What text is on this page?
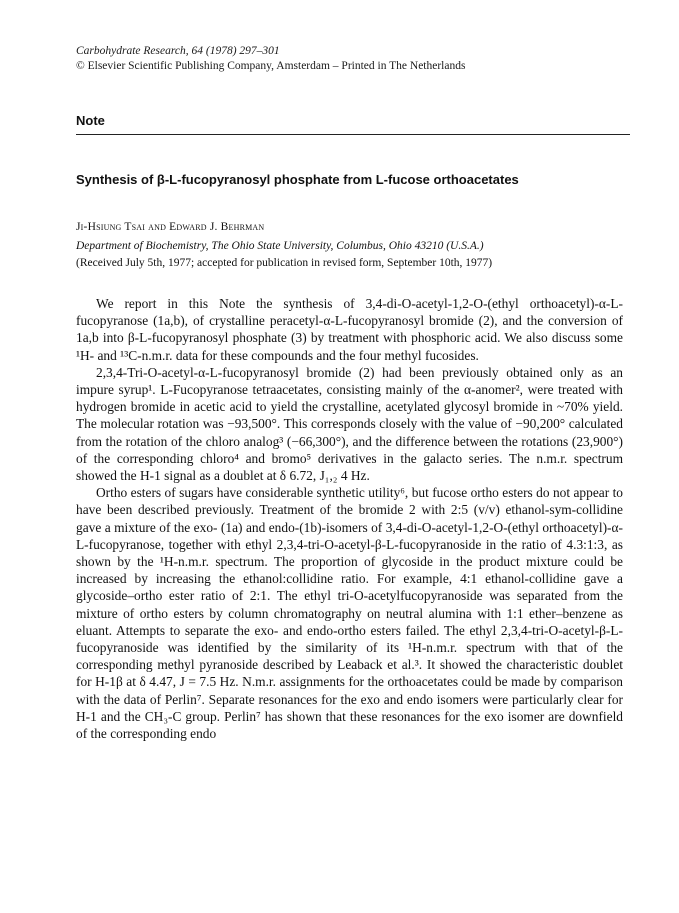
Carbohydrate Research, 64 (1978) 297–301
© Elsevier Scientific Publishing Company, Amsterdam – Printed in The Netherlands
Note
Synthesis of β-L-fucopyranosyl phosphate from L-fucose orthoacetates
Ji-Hsiung Tsai and Edward J. Behrman
Department of Biochemistry, The Ohio State University, Columbus, Ohio 43210 (U.S.A.)
(Received July 5th, 1977; accepted for publication in revised form, September 10th, 1977)

We report in this Note the synthesis of 3,4-di-O-acetyl-1,2-O-(ethyl orthoacetyl)-α-L-fucopyranose (1a,b), of crystalline peracetyl-α-L-fucopyranosyl bromide (2), and the conversion of 1a,b into β-L-fucopyranosyl phosphate (3) by treatment with phosphoric acid. We also discuss some ¹H- and ¹³C-n.m.r. data for these compounds and the four methyl fucosides.

2,3,4-Tri-O-acetyl-α-L-fucopyranosyl bromide (2) had been previously obtained only as an impure syrup¹. L-Fucopyranose tetraacetates, consisting mainly of the α-anomer², were treated with hydrogen bromide in acetic acid to yield the crystalline, acetylated glycosyl bromide in ~70% yield. The molecular rotation was −93,500°. This corresponds closely with the value of −90,200° calculated from the rotation of the chloro analog³ (−66,300°), and the difference between the rotations (23,900°) of the corresponding chloro⁴ and bromo⁵ derivatives in the galacto series. The n.m.r. spectrum showed the H-1 signal as a doublet at δ 6.72, J₁,₂ 4 Hz.

Ortho esters of sugars have considerable synthetic utility⁶, but fucose ortho esters do not appear to have been described previously. Treatment of the bromide 2 with 2:5 (v/v) ethanol-sym-collidine gave a mixture of the exo- (1a) and endo-(1b)-isomers of 3,4-di-O-acetyl-1,2-O-(ethyl orthoacetyl)-α-L-fucopyranose, together with ethyl 2,3,4-tri-O-acetyl-β-L-fucopyranoside in the ratio of 4.3:1:3, as shown by the ¹H-n.m.r. spectrum. The proportion of glycoside in the product mixture could be increased by increasing the ethanol:collidine ratio. For example, 4:1 ethanol-collidine gave a glycoside–ortho ester ratio of 2:1. The ethyl tri-O-acetylfucopyranoside was separated from the mixture of ortho esters by column chromatography on neutral alumina with 1:1 ether–benzene as eluant. Attempts to separate the exo- and endo-ortho esters failed. The ethyl 2,3,4-tri-O-acetyl-β-L-fucopyranoside was identified by the similarity of its ¹H-n.m.r. spectrum with that of the corresponding methyl pyranoside described by Leaback et al.³. It showed the characteristic doublet for H-1β at δ 4.47, J = 7.5 Hz. N.m.r. assignments for the orthoacetates could be made by comparison with the data of Perlin⁷. Separate resonances for the exo and endo isomers were particularly clear for H-1 and the CH₃-C group. Perlin⁷ has shown that these resonances for the exo isomer are downfield of the corresponding endo
